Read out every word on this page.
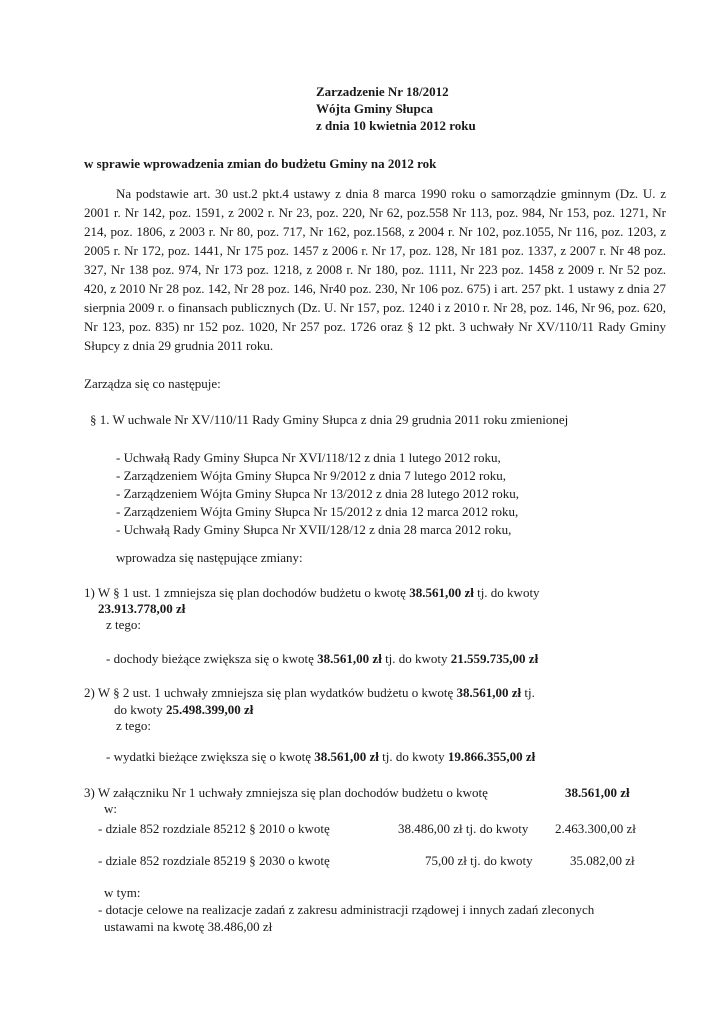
Zarzadzenie Nr 18/2012
Wójta Gminy Słupca
z dnia 10 kwietnia 2012 roku
w sprawie wprowadzenia zmian do budżetu Gminy na 2012 rok
Na podstawie art. 30 ust.2 pkt.4 ustawy z dnia 8 marca 1990 roku o samorządzie gminnym (Dz. U. z 2001 r. Nr 142, poz. 1591, z 2002 r. Nr 23, poz. 220, Nr 62, poz.558 Nr 113, poz. 984, Nr 153, poz. 1271, Nr 214, poz. 1806, z 2003 r. Nr 80, poz. 717, Nr 162, poz.1568, z 2004 r. Nr 102, poz.1055, Nr 116, poz. 1203, z 2005 r. Nr 172, poz. 1441, Nr 175 poz. 1457 z 2006 r. Nr 17, poz. 128, Nr 181 poz. 1337, z 2007 r. Nr 48 poz. 327, Nr 138 poz. 974, Nr 173 poz. 1218, z 2008 r. Nr 180, poz. 1111, Nr 223 poz. 1458 z 2009 r. Nr 52 poz. 420, z 2010 Nr 28 poz. 142, Nr 28 poz. 146, Nr40 poz. 230, Nr 106 poz. 675) i art. 257 pkt. 1 ustawy z dnia 27 sierpnia 2009 r. o finansach publicznych (Dz. U. Nr 157, poz. 1240 i z 2010 r. Nr 28, poz. 146, Nr 96, poz. 620, Nr 123, poz. 835) nr 152 poz. 1020, Nr 257 poz. 1726 oraz § 12 pkt. 3 uchwały Nr XV/110/11 Rady Gminy Słupcy z dnia 29 grudnia 2011 roku.
Zarządza się co następuje:
§ 1. W uchwale Nr XV/110/11 Rady Gminy Słupca z dnia 29 grudnia 2011 roku zmienionej
- Uchwałą Rady Gminy Słupca Nr XVI/118/12 z dnia 1 lutego 2012 roku,
- Zarządzeniem Wójta Gminy Słupca Nr 9/2012 z dnia 7 lutego 2012 roku,
- Zarządzeniem Wójta Gminy Słupca Nr 13/2012 z dnia 28 lutego 2012 roku,
- Zarządzeniem Wójta Gminy Słupca Nr 15/2012 z dnia 12 marca 2012 roku,
- Uchwałą Rady Gminy Słupca Nr XVII/128/12 z dnia 28 marca 2012 roku,
wprowadza się następujące zmiany:
1) W § 1 ust. 1 zmniejsza się plan dochodów budżetu o kwotę 38.561,00 zł tj. do kwoty
23.913.778,00 zł
z tego:
- dochody bieżące zwiększa się o kwotę 38.561,00 zł tj. do kwoty 21.559.735,00 zł
2) W § 2 ust. 1 uchwały zmniejsza się plan wydatków budżetu o kwotę 38.561,00 zł tj.
do kwoty 25.498.399,00 zł
z tego:
- wydatki bieżące zwiększa się o kwotę 38.561,00 zł tj. do kwoty 19.866.355,00 zł
3) W załączniku Nr 1 uchwały zmniejsza się plan dochodów budżetu o kwotę	38.561,00 zł
w:
- dziale 852 rozdziale 85212 § 2010 o kwotę	38.486,00 zł tj. do kwoty 2.463.300,00 zł
- dziale 852 rozdziale 85219 § 2030 o kwotę	75,00 zł tj. do kwoty	35.082,00 zł
w tym:
- dotacje celowe na realizacje zadań z zakresu administracji rządowej i innych zadań zleconych
ustawami na kwotę 38.486,00 zł
